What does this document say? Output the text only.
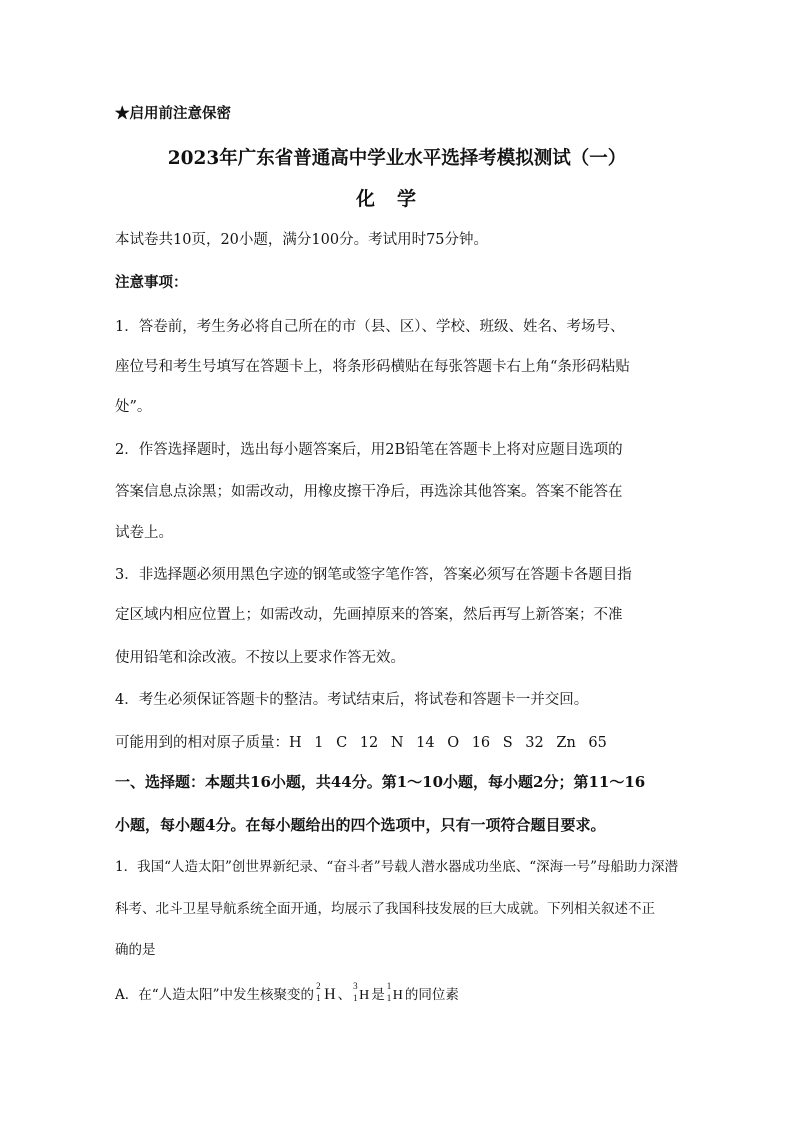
★启用前注意保密
2023年广东省普通高中学业水平选择考模拟测试（一）
化学
本试卷共10页，20小题，满分100分。考试用时75分钟。
注意事项：
1．答卷前，考生务必将自己所在的市（县、区）、学校、班级、姓名、考场号、
座位号和考生号填写在答题卡上，将条形码横贴在每张答题卡右上角“条形码粘贴
处”。
2．作答选择题时，选出每小题答案后，用2B铅笔在答题卡上将对应题目选项的
答案信息点涂黑；如需改动，用橡皮擦干净后，再选涂其他答案。答案不能答在
试卷上。
3．非选择题必须用黑色字迹的钢笔或签字笔作答，答案必须写在答题卡各题目指
定区域内相应位置上；如需改动，先画掉原来的答案，然后再写上新答案；不准
使用铅笔和涂改液。不按以上要求作答无效。
4．考生必须保证答题卡的整洁。考试结束后，将试卷和答题卡一并交回。
可能用到的相对原子质量：H 1 C 12 N 14 O 16 S 32 Zn 65
一、选择题：本题共16小题，共44分。第1～10小题，每小题2分；第11～16
小题，每小题4分。在每小题给出的四个选项中，只有一项符合题目要求。
1．我国“人造太阳”创世界新纪录、“奋斗者”号载人潜水器成功坐底、“深海一号”母船助力深潜
科考、北斗卫星导航系统全面开通，均展示了我国科技发展的巨大成就。下列相关叙述不正
确的是
A．在“人造太阳”中发生核聚变的
2
1 H 、
3
1 H 是
1
1 H 的同位素
